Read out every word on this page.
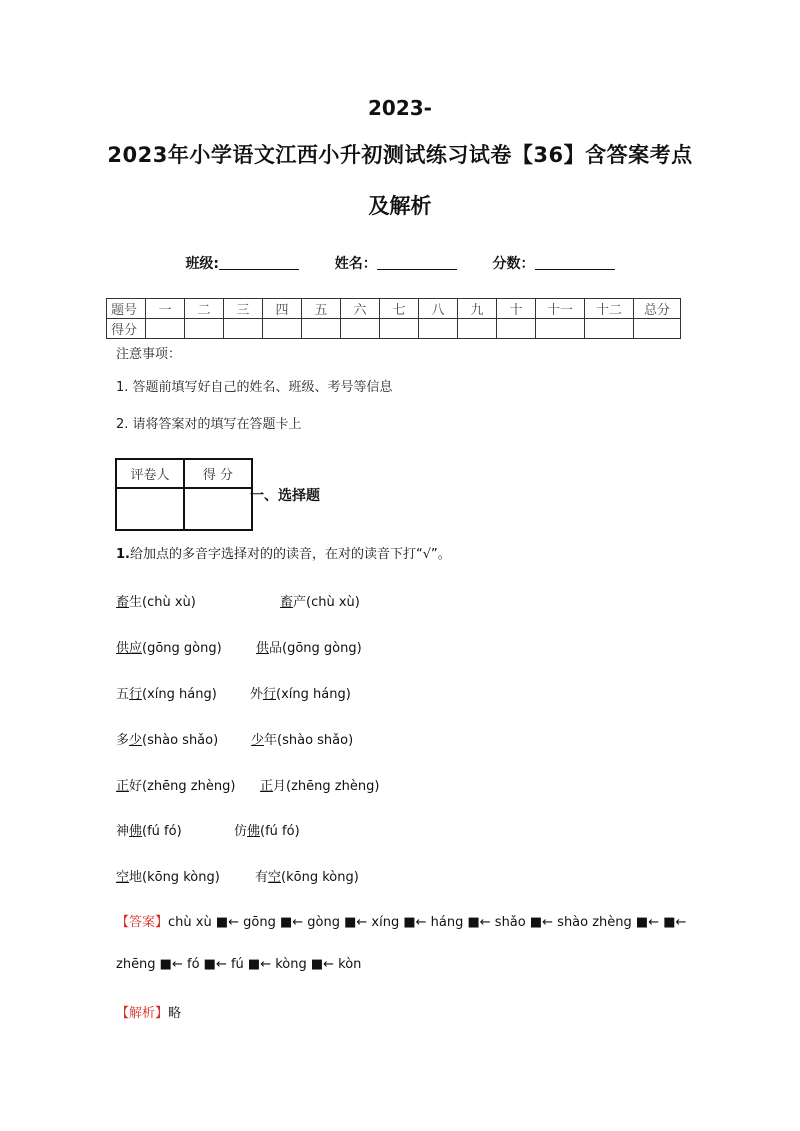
2023-
2023年小学语文江西小升初测试练习试卷【36】含答案考点
及解析
班级:	姓名：	分数：
题号	一	二	三	四	五	六	七	八	九	十	十一	十二	总分
得分													
注意事项：
1. 答题前填写好自己的姓名、班级、考号等信息
2. 请将答案对的填写在答题卡上
评卷人	得 分

一、选择题
1.给加点的多音字选择对的的读音，在对的读音下打“√”。
畜生(chù xù)	畜产(chù xù)
供应(gōng gòng)	供品(gōng gòng)
五行(xíng háng)	外行(xíng háng)
多少(shào shǎo)	少年(shào shǎo)
正好(zhēng zhèng) 正月(zhēng zhèng)
神佛(fú fó)	仿佛(fú fó)
空地(kōng kòng)	有空(kōng kòng)
【答案】chù xù ■← gōng ■← gòng ■← xíng ■← háng ■← shǎo ■← shào zhèng ■← ■←
zhēng ■← fó ■← fú ■← kòng ■← kòn
【解析】略
